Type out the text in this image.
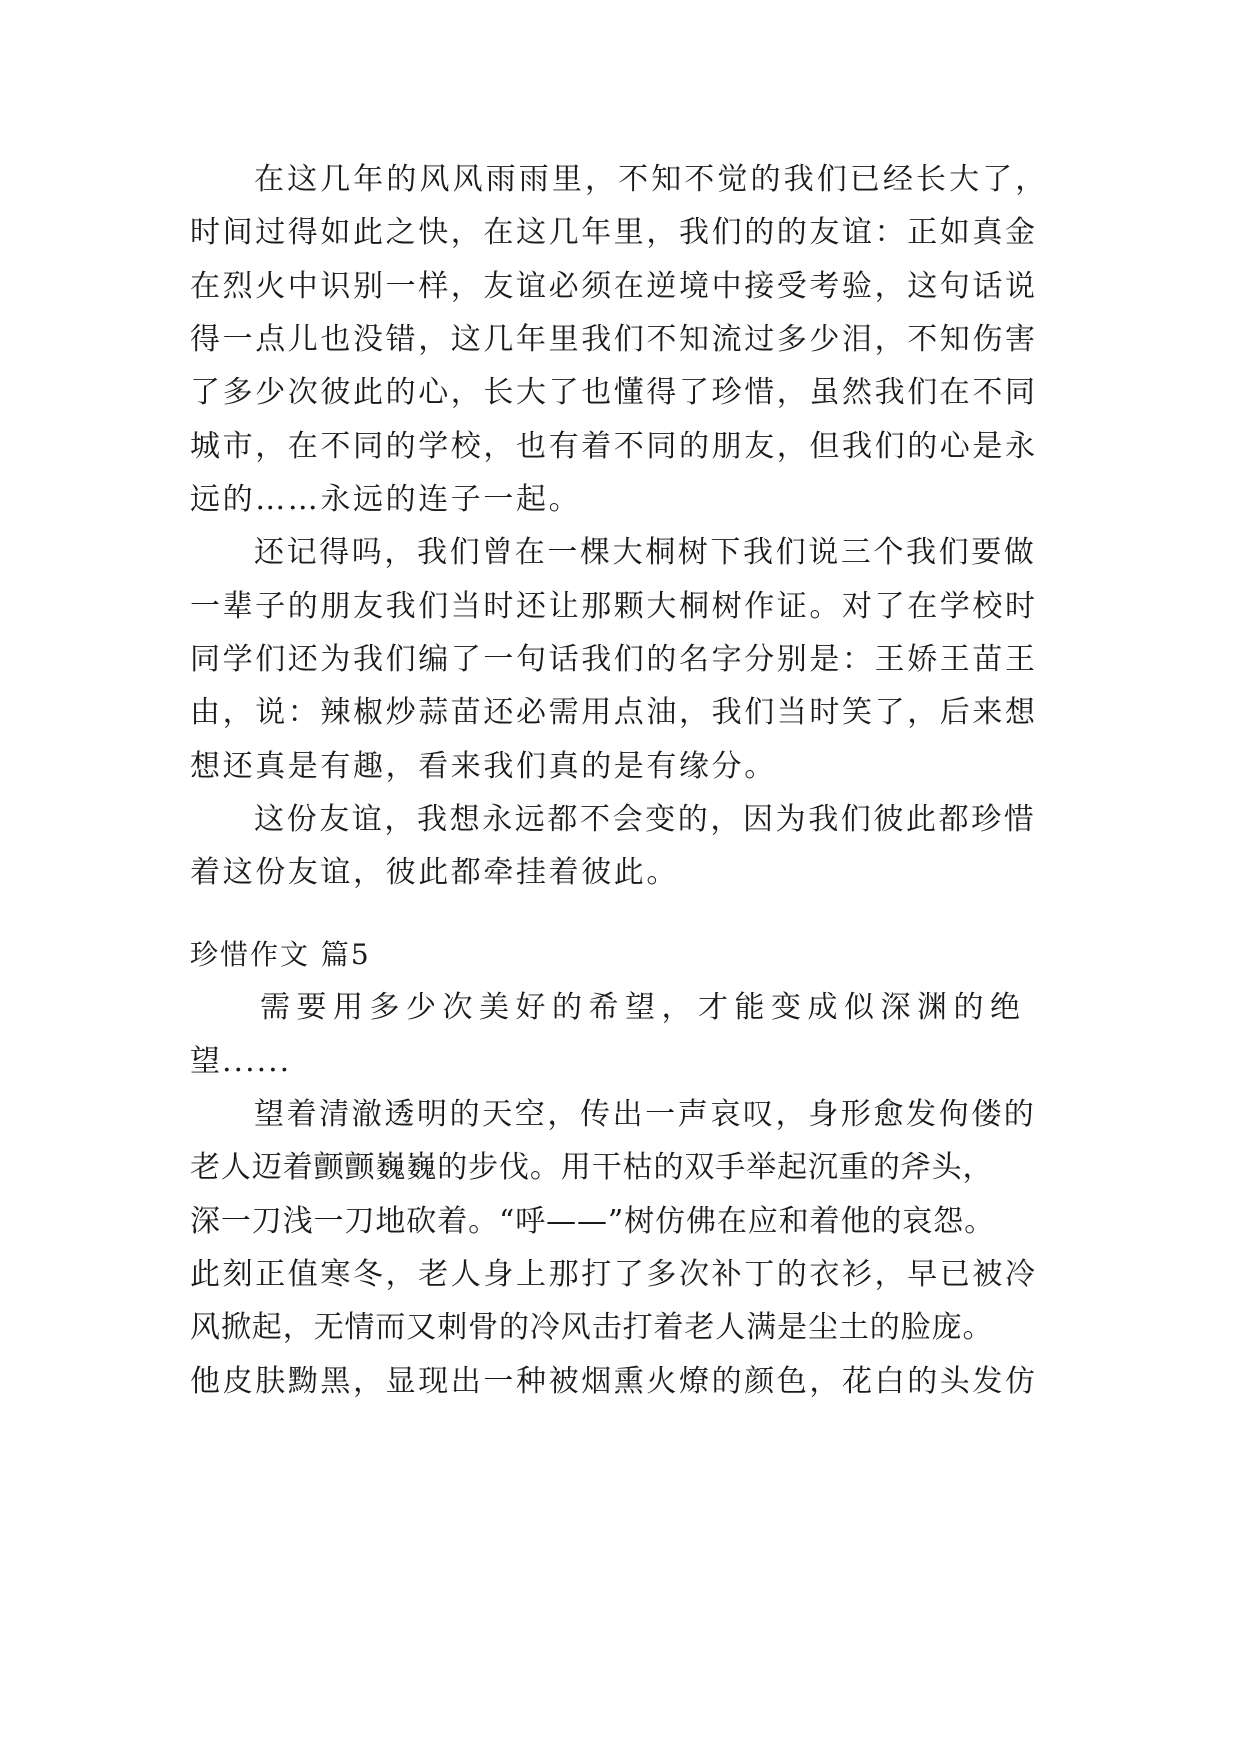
在这几年的风风雨雨里，不知不觉的我们已经长大了，
时间过得如此之快，在这几年里，我们的的友谊：正如真金
在烈火中识别一样，友谊必须在逆境中接受考验，这句话说
得一点儿也没错，这几年里我们不知流过多少泪，不知伤害
了多少次彼此的心，长大了也懂得了珍惜，虽然我们在不同
城市，在不同的学校，也有着不同的朋友，但我们的心是永
远的……永远的连子一起。
还记得吗，我们曾在一棵大桐树下我们说三个我们要做
一辈子的朋友我们当时还让那颗大桐树作证。对了在学校时
同学们还为我们编了一句话我们的名字分别是：王娇王苗王
由，说：辣椒炒蒜苗还必需用点油，我们当时笑了，后来想
想还真是有趣，看来我们真的是有缘分。
这份友谊，我想永远都不会变的，因为我们彼此都珍惜
着这份友谊，彼此都牵挂着彼此。
珍惜作文 篇5
需要用多少次美好的希望，才能变成似深渊的绝
望......
望着清澈透明的天空，传出一声哀叹，身形愈发佝偻的
老人迈着颤颤巍巍的步伐。用干枯的双手举起沉重的斧头，
深一刀浅一刀地砍着。“呼——”树仿佛在应和着他的哀怨。
此刻正值寒冬，老人身上那打了多次补丁的衣衫，早已被冷
风掀起，无情而又刺骨的冷风击打着老人满是尘土的脸庞。
他皮肤黝黑，显现出一种被烟熏火燎的颜色，花白的头发仿
